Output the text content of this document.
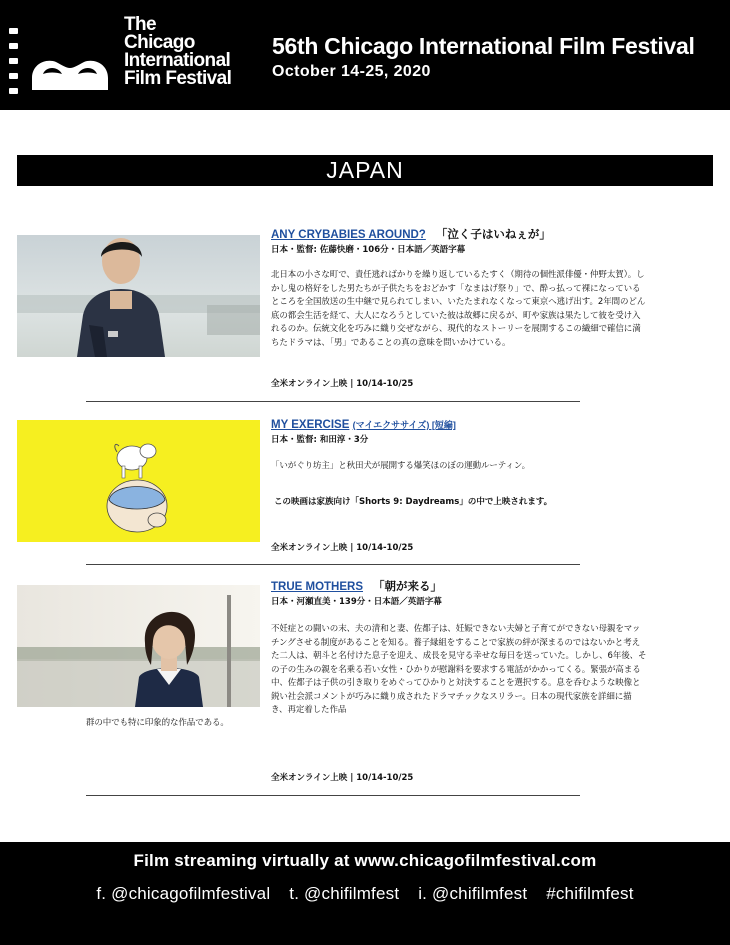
The
Chicago
International
Film Festival
56th Chicago International Film Festival
October 14-25, 2020
JAPAN
ANY CRYBABIES AROUND? 「泣く子はいねぇが」
日本・監督: 佐藤快磨・106分・日本語／英語字幕
北日本の小さな町で、責任逃ればかりを繰り返しているたすく（期待の個性派俳優・仲野太賀）。しかし鬼の格好をした男たちが子供たちをおどかす「なまはげ祭り」で、酔っ払って裸になっているところを全国放送の生中継で見られてしまい、いたたまれなくなって東京へ逃げ出す。2年間のどん底の都会生活を経て、大人になろうとしていた彼は故郷に戻るが、町や家族は果たして彼を受け入れるのか。伝統文化を巧みに織り交ぜながら、現代的なストーリーを展開するこの繊細で確信に満ちたドラマは、「男」であることの真の意味を問いかけている。
全米オンライン上映 | 10/14-10/25
MY EXERCISE (マイエクササイズ) [短編]
日本・監督: 和田淳・3分
「いがぐり坊主」と秋田犬が展開する爆笑ほのぼの運動ルーティン。
この映画は家族向け「Shorts 9: Daydreams」の中で上映されます。
全米オンライン上映 | 10/14-10/25
TRUE MOTHERS 「朝が来る」
日本・河瀬直美・139分・日本語／英語字幕
不妊症との闘いの末、夫の清和と妻、佐都子は、妊娠できない夫婦と子育てができない母親をマッチングさせる制度があることを知る。養子縁組をすることで家族の絆が深まるのではないかと考えた二人は、朝斗と名付けた息子を迎え、成長を見守る幸せな毎日を送っていた。しかし、6年後、その子の生みの親を名乗る若い女性・ひかりが慰謝料を要求する電話がかかってくる。緊張が高まる中、佐都子は子供の引き取りをめぐってひかりと対決することを選択する。息を呑むような映像と鋭い社会派コメントが巧みに織り成されたドラマチックなスリラー。日本の現代家族を詳細に描き、再定着した作品
群の中でも特に印象的な作品である。
全米オンライン上映 | 10/14-10/25
Film streaming virtually at www.chicagofilmfestival.com
f. @chicagofilmfestival t. @chifilmfest i. @chifilmfest #chifilmfest
